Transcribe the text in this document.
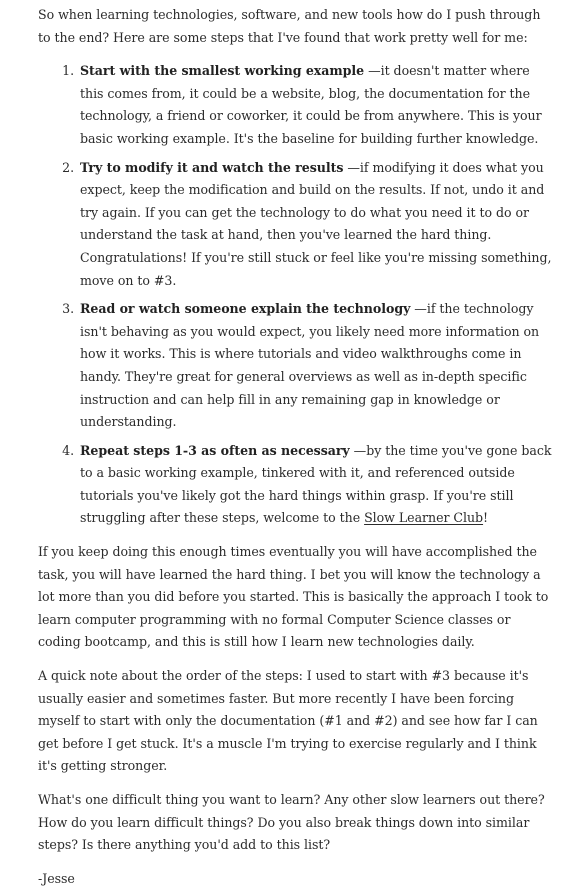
So when learning technologies, software, and new tools how do I push through to the end? Here are some steps that I've found that work pretty well for me:

1. Start with the smallest working example —it doesn't matter where this comes from, it could be a website, blog, the documentation for the technology, a friend or coworker, it could be from anywhere. This is your basic working example. It's the baseline for building further knowledge.
2. Try to modify it and watch the results —if modifying it does what you expect, keep the modification and build on the results. If not, undo it and try again. If you can get the technology to do what you need it to do or understand the task at hand, then you've learned the hard thing. Congratulations! If you're still stuck or feel like you're missing something, move on to #3.
3. Read or watch someone explain the technology —if the technology isn't behaving as you would expect, you likely need more information on how it works. This is where tutorials and video walkthroughs come in handy. They're great for general overviews as well as in-depth specific instruction and can help fill in any remaining gap in knowledge or understanding.
4. Repeat steps 1-3 as often as necessary —by the time you've gone back to a basic working example, tinkered with it, and referenced outside tutorials you've likely got the hard things within grasp. If you're still struggling after these steps, welcome to the Slow Learner Club!

If you keep doing this enough times eventually you will have accomplished the task, you will have learned the hard thing. I bet you will know the technology a lot more than you did before you started. This is basically the approach I took to learn computer programming with no formal Computer Science classes or coding bootcamp, and this is still how I learn new technologies daily.

A quick note about the order of the steps: I used to start with #3 because it's usually easier and sometimes faster. But more recently I have been forcing myself to start with only the documentation (#1 and #2) and see how far I can get before I get stuck. It's a muscle I'm trying to exercise regularly and I think it's getting stronger.

What's one difficult thing you want to learn? Any other slow learners out there? How do you learn difficult things? Do you also break things down into similar steps? Is there anything you'd add to this list?

-Jesse
